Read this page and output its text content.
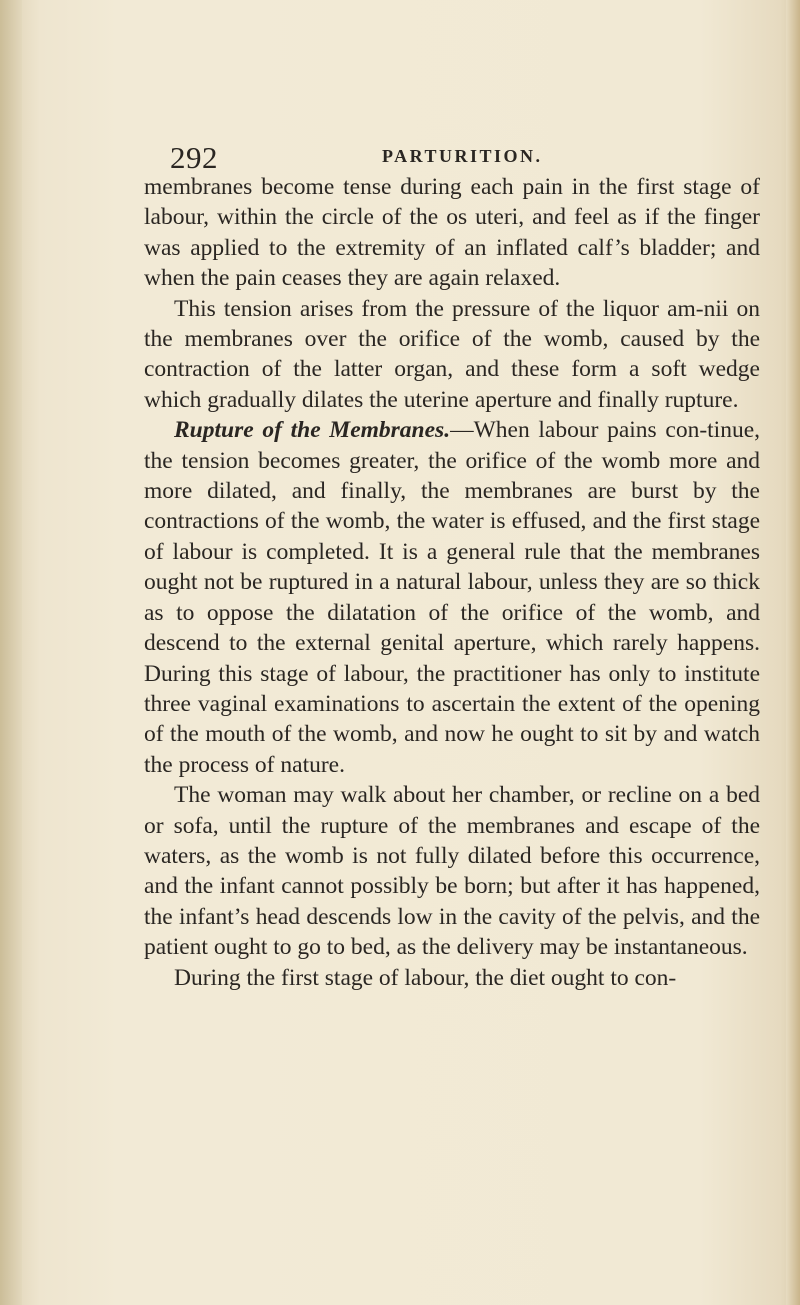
292	PARTURITION.

membranes become tense during each pain in the first stage of labour, within the circle of the os uteri, and feel as if the finger was applied to the extremity of an inflated calf’s bladder; and when the pain ceases they are again relaxed.

This tension arises from the pressure of the liquor am-nii on the membranes over the orifice of the womb, caused by the contraction of the latter organ, and these form a soft wedge which gradually dilates the uterine aperture and finally rupture.

Rupture of the Membranes.—When labour pains con-tinue, the tension becomes greater, the orifice of the womb more and more dilated, and finally, the membranes are burst by the contractions of the womb, the water is effused, and the first stage of labour is completed. It is a general rule that the membranes ought not be ruptured in a natural labour, unless they are so thick as to oppose the dilatation of the orifice of the womb, and descend to the external genital aperture, which rarely happens. During this stage of labour, the practitioner has only to institute three vaginal examinations to ascertain the extent of the opening of the mouth of the womb, and now he ought to sit by and watch the process of nature.

The woman may walk about her chamber, or recline on a bed or sofa, until the rupture of the membranes and escape of the waters, as the womb is not fully dilated before this occurrence, and the infant cannot possibly be born; but after it has happened, the infant’s head descends low in the cavity of the pelvis, and the patient ought to go to bed, as the delivery may be instantaneous.

During the first stage of labour, the diet ought to con-
